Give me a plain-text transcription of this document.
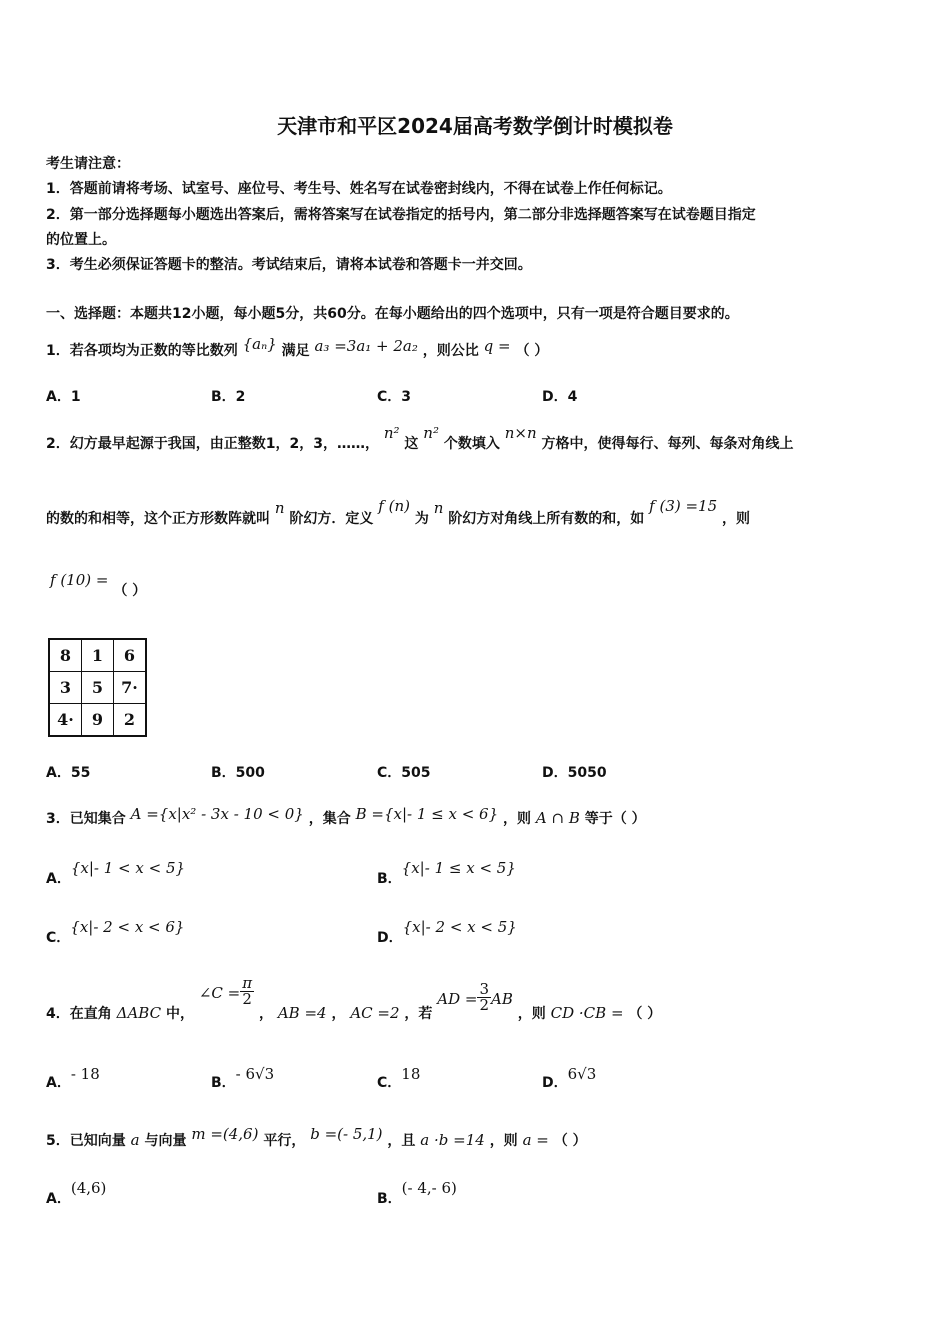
天津市和平区2024届高考数学倒计时模拟卷
考生请注意：
1．答题前请将考场、试室号、座位号、考生号、姓名写在试卷密封线内，不得在试卷上作任何标记。
2．第一部分选择题每小题选出答案后，需将答案写在试卷指定的括号内，第二部分非选择题答案写在试卷题目指定
的位置上。
3．考生必须保证答题卡的整洁。考试结束后，请将本试卷和答题卡一并交回。
一、选择题：本题共12小题，每小题5分，共60分。在每小题给出的四个选项中，只有一项是符合题目要求的。
1．若各项均为正数的等比数列 {aₙ} 满足 a₃ =3a₁ + 2a₂ ，则公比 q = （ ）
A．1	B．2	C．3	D．4
2．幻方最早起源于我国，由正整数1，2，3，……， n² 这 n² 个数填入 n×n 方格中，使得每行、每列、每条对角线上
的数的和相等，这个正方形数阵就叫 n 阶幻方．定义 f (n) 为 n 阶幻方对角线上所有数的和，如 f (3) =15 ，则
f (10) = （ ）
8	1	6
3	5	7·
4·	9	2
A．55	B．500	C．505	D．5050
3．已知集合 A ={x|x² - 3x - 10 < 0} ，集合 B ={x|- 1 ≤ x < 6} ，则 A ∩ B 等于（ ）
A．{x|- 1 < x < 5}
B．{x|- 1 ≤ x < 5}
C．{x|- 2 < x < 6}
D．{x|- 2 < x < 5}
4．在直角 ΔABC 中， ∠C = $\frac{\pi}{2}$
， AB =4 ， AC =2 ，若 AD = $\frac{3}{2}$ AB ，则 CD ·CB = （ ）
A．- 18	B．- 6√3	C．18	D．6√3
5．已知向量 a 与向量 m =(4,6) 平行， b =(- 5,1) ，且 a ·b =14 ，则 a = （ ）
A．(4,6)
B．(- 4,- 6)
